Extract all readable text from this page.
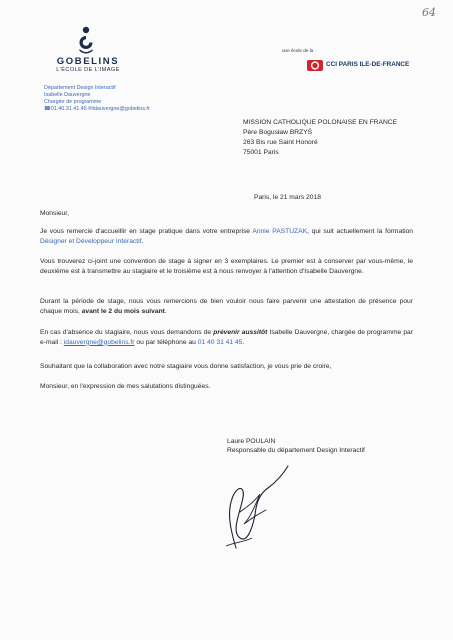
64
GOBELINS
L'ÉCOLE DE L'IMAGE
une école de la
CCI PARIS ILE-DE-FRANCE
Département Design Interactif
Isabelle Dauvergne
Chargée de programme
☎01.40.31.41.45 ✉idauvergne@gobelins.fr
MISSION CATHOLIQUE POLONAISE EN FRANCE
Père Bogusław BRZYŚ
263 Bis rue Saint Honoré
75001 Paris
Paris, le 21 mars 2018
Monsieur,
Je vous remercie d'accueillir en stage pratique dans votre entreprise Annie PASTUZAK, qui suit actuellement la formation Désigner et Développeur Interactif.
Vous trouverez ci-joint une convention de stage à signer en 3 exemplaires. Le premier est à conserver par vous-même, le deuxième est à transmettre au stagiaire et le troisième est à nous renvoyer à l'attention d'Isabelle Dauvergne.
Durant la période de stage, nous vous remercions de bien vouloir nous faire parvenir une attestation de présence pour chaque mois, avant le 2 du mois suivant.
En cas d'absence du stagiaire, nous vous demandons de prévenir aussitôt Isabelle Dauvergne, chargée de programme par e-mail : idauvergne@gobelins.fr ou par téléphone au 01 40 31 41 45.
Souhaitant que la collaboration avec notre stagiaire vous donne satisfaction, je vous prie de croire,
Monsieur, en l'expression de mes salutations distinguées.
Laure POULAIN
Responsable du département Design Interactif
